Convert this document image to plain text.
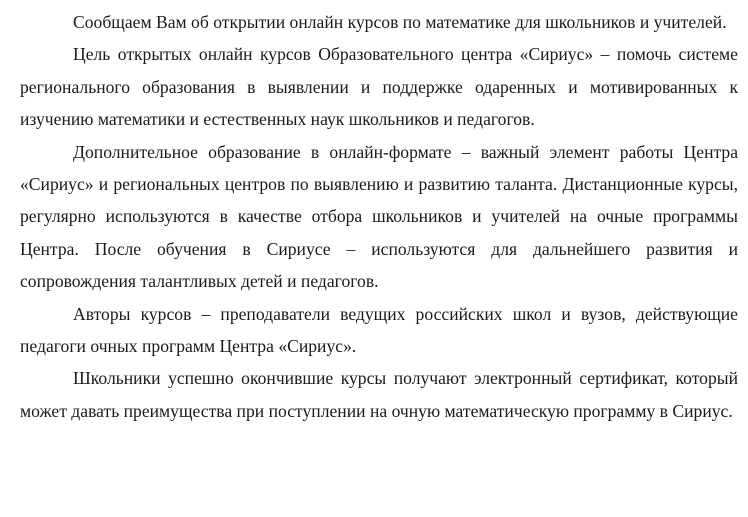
Сообщаем Вам об открытии онлайн курсов по математике для школьников и учителей.

Цель открытых онлайн курсов Образовательного центра «Сириус» – помочь системе регионального образования в выявлении и поддержке одаренных и мотивированных к изучению математики и естественных наук школьников и педагогов.

Дополнительное образование в онлайн-формате – важный элемент работы Центра «Сириус» и региональных центров по выявлению и развитию таланта. Дистанционные курсы, регулярно используются в качестве отбора школьников и учителей на очные программы Центра. После обучения в Сириусе – используются для дальнейшего развития и сопровождения талантливых детей и педагогов.

Авторы курсов – преподаватели ведущих российских школ и вузов, действующие педагоги очных программ Центра «Сириус».

Школьники успешно окончившие курсы получают электронный сертификат, который может давать преимущества при поступлении на очную математическую программу в Сириус.
